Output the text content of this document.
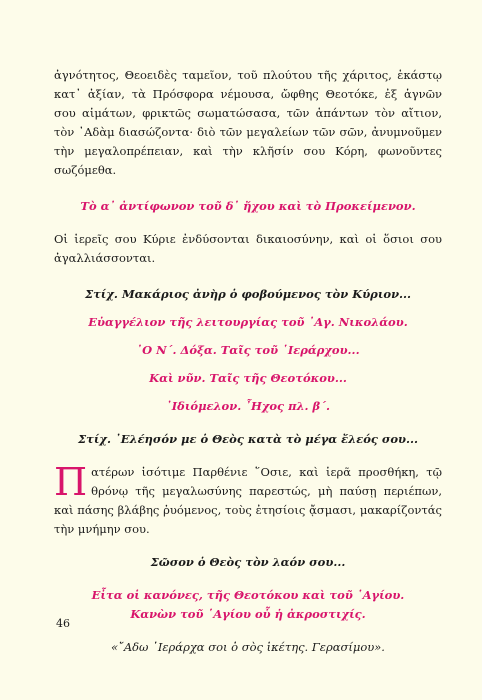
ἀγνότητος, Θεοειδὲς ταμεῖον, τοῦ πλούτου τῆς χάριτος, ἑκάστῳ κατ᾽ ἀξίαν, τὰ Πρόσφορα νέμουσα, ὤφθης Θεοτόκε, ἐξ ἁγνῶν σου αἱμάτων, φρικτῶς σωματώσασα, τῶν ἁπάντων τὸν αἴτιον, τὸν ᾽Αδὰμ διασώζοντα· διὸ τῶν μεγαλείων τῶν σῶν, ἀνυμνοῦμεν τὴν μεγαλοπρέπειαν, καὶ τὴν κλῆσίν σου Κόρη, φωνοῦντες σωζόμεθα.

Τὸ α᾽ ἀντίφωνον τοῦ δ᾽ ἤχου καὶ τὸ Προκείμενον.

Οἱ ἱερεῖς σου Κύριε ἐνδύσονται δικαιοσύνην, καὶ οἱ ὅσιοι σου ἀγαλλιάσσονται.

Στίχ. Μακάριος ἀνὴρ ὁ φοβούμενος τὸν Κύριον...

Εὐαγγέλιον τῆς λειτουργίας τοῦ ᾽Αγ. Νικολάου.

᾽Ο Ν΄. Δόξα. Ταῖς τοῦ ῾Ιεράρχου...

Καὶ νῦν. Ταῖς τῆς Θεοτόκου...

᾽Ιδιόμελον. ῏Ηχος πλ. β΄.

Στίχ. ᾽Ελέησόν με ὁ Θεὸς κατὰ τὸ μέγα ἔλεός σου...

Π ατέρων ἰσότιμε Παρθένιε ῞Οσιε, καὶ ἱερᾶ προσθήκη, τῷ θρόνῳ τῆς μεγαλωσύνης παρεστώς, μὴ παύσῃ περιέπων, καὶ πάσης βλάβης ῥυόμενος, τοὺς ἐτησίοις ᾄσμασι, μακαρίζοντάς τὴν μνήμην σου.

Σῶσον ὁ Θεὸς τὸν λαόν σου...

Εἶτα οἱ κανόνες, τῆς Θεοτόκου καὶ τοῦ ῾Αγίου.

Κανὼν τοῦ ῾Αγίου οὗ ἡ ἀκροστιχίς.

«῎Αδω ῾Ιεράρχα σοι ὁ σὸς ἱκέτης. Γερασίμου».

46
